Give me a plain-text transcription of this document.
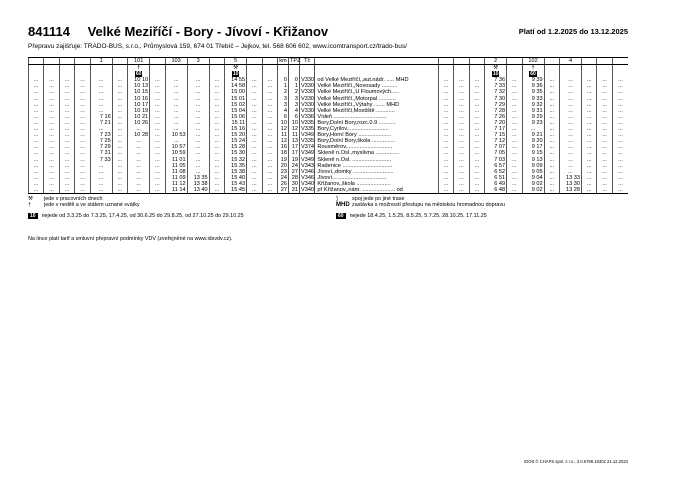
841114 Velké Meziříčí - Bory - Jívoví - Křižanov	Platí od 1.2.2025 do 13.12.2025
Přepravu zajišťuje: TRADO-BUS, s.r.o., Průmyslová 159, 674 01 Třebíč – Jejkov, tel. 568 606 602, www.icomtransport.cz/trado-bus/
				1		101		103	3		5			km	TPZ	Tč					2		102		4			
						†					⚒										⚒		†					
						60					10										10		60					
...	...	...	...	...	...	10 10	...	...	...	...	14 55	...	...	0	0	V330	od Velké Meziříčí,,aut.nádr. ..... MHD	...	...	...	7 36	...	9 39	...	...	...	...	...
...	...	...	...	...	...	10 13	...	...	...	...	14 58	...	...	1	1	V330	Velké Meziříčí,,Novosady ..........	...	...	...	7 33	...	9 36	...	...	...	...	...
...	...	...	...	...	...	10 15	...	...	...	...	15 00	...	...	2	2	V330	Velké Meziříčí,,U Floumových.....	...	...	...	7 32	...	9 35	...	...	...	...	...
...	...	...	...	...	...	10 16	...	...	...	...	15 01	...	...	3	3	V330	Velké Meziříčí,,Motorpal ...........	...	...	...	7 30	...	9 33	...	...	...	...	...
...	...	...	...	...	...	10 17	...	...	...	...	15 02	...	...	3	3	V330	Velké Meziříčí,,Výtahy ....... MHD	...	...	...	7 29	...	9 32	...	...	...	...	...
...	...	...	...	...	...	10 19	...	...	...	...	15 04	...	...	4	4	V330	Velké Meziříčí,Mostiště ............	...	...	...	7 28	...	9 31	...	...	...	...	...
...	...	...	...	7 16	...	10 21	...	...	...	...	15 06	...	...	6	6	V336	Vídeň ..................................	...	...	...	7 26	...	9 29	...	...	...	...	...
...	...	...	...	7 21	...	10 26	...	...	...	...	15 11	...	...	10	10	V335	Bory,Dolní Bory,rozc.0.9 ...........	...	...	...	7 20	...	9 23	...	...	...	...	...
...	...	...	...	...	...	...	...	...	...	...	15 16	...	...	12	12	V335	Bory,Cyrilov...........................	...	...	...	7 17	...	...	...	...	...	...	...
...	...	...	...	7 23	...	10 28	...	10 53	...	...	15 20	...	...	11	11	V349	Bory,Horní Bory .....................	...	...	...	7 15	...	9 21	...	...	...	...	...
...	...	...	...	7 25	...	...	...	...	...	...	15 24	...	...	12	13	V335	Bory,Dolní Bory,škola ...............	...	...	...	7 12	...	9 20	...	...	...	...	...
...	...	...	...	7 29	...	...	...	10 57	...	...	15 28	...	...	16	17	V374	Rousměrov..............................	...	...	...	7 07	...	9 17	...	...	...	...	...
...	...	...	...	7 31	...	...	...	10 59	...	...	15 30	...	...	18	17	V349	Skleně n.Osl.,myslivna ...............	...	...	...	7 05	...	9 15	...	...	...	...	...
...	...	...	...	7 33	...	...	...	11 01	...	...	15 32	...	...	19	19	V349	Skleně n.Osl. .........................	...	...	...	7 03	...	9 13	...	...	...	...	...
...	...	...	...	...	...	...	...	11 05	...	...	15 35	...	...	20	24	V343	Radenice ................................	...	...	...	6 57	...	9 09	...	...	...	...	...
...	...	...	...	...	...	...	...	11 08	...	...	15 38	...	...	23	27	V346	Jívoví,,domky ..........................	...	...	...	6 52	...	9 05	...	...	...	...	...
...	...	...	...	...	...	...	...	11 09	13 35	...	15 40	...	...	24	28	V346	Jívoví...................................	...	...	...	6 51	...	9 04	...	13 33	...	...	...
...	...	...	...	...	...	...	...	11 12	13 38	...	15 43	...	...	26	30	V340	Křižanov,,škola ......................	...	...	...	6 49	...	9 02	...	13 30	...	...	...
...	...	...	...	...	...	...	...	11 14	13 40	...	15 45	...	...	27	31	V340	př Křižanov,,nám. ..................... od	...	...	...	6 48	...	9 02	...	13 28	...	...	...
⚒ jede v pracovních dnech
† jede v neděli a ve státem uznané svátky
10 nejede od 3.3.25 do 7.3.25, 17.4.25, od 30.6.25 do 29.8.25, od 27.10.25 do 29.10.25
⟆	spoj jede po jiné trase
MHD zastávka s možností přestupu na městskou hromadnou dopravu
60 nejede 18.4.25, 1.5.25, 8.5.25, 5.7.25, 28.10.25, 17.11.25
Na lince platí tarif a smluvní přepravní podmínky VDV (zveřejněné na www.idsvdv.cz).
IDOS © CHAPS spol. s r.o., 3.0.6798.19302 21.12.2024
